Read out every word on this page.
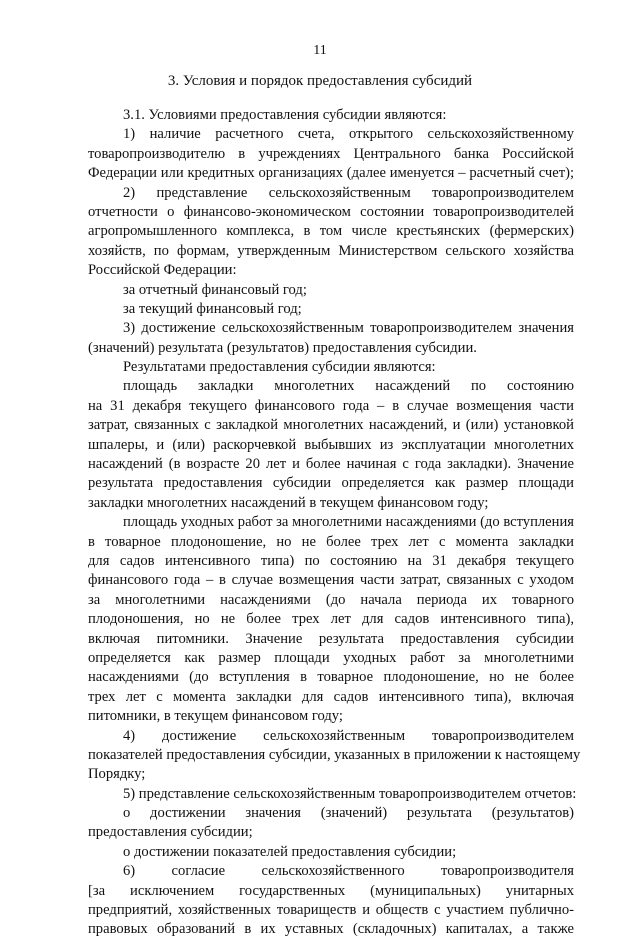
11
3. Условия и порядок предоставления субсидий
3.1. Условиями предоставления субсидии являются:
1) наличие расчетного счета, открытого сельскохозяйственному
товаропроизводителю в учреждениях Центрального банка Российской
Федерации или кредитных организациях (далее именуется – расчетный счет);
2) представление сельскохозяйственным товаропроизводителем
отчетности о финансово-экономическом состоянии товаропроизводителей
агропромышленного комплекса, в том числе крестьянских (фермерских)
хозяйств, по формам, утвержденным Министерством сельского хозяйства
Российской Федерации:
за отчетный финансовый год;
за текущий финансовый год;
3) достижение сельскохозяйственным товаропроизводителем значения
(значений) результата (результатов) предоставления субсидии.
Результатами предоставления субсидии являются:
площадь закладки многолетних насаждений по состоянию
на 31 декабря текущего финансового года – в случае возмещения части
затрат, связанных с закладкой многолетних насаждений, и (или) установкой
шпалеры, и (или) раскорчевкой выбывших из эксплуатации многолетних
насаждений (в возрасте 20 лет и более начиная с года закладки). Значение
результата предоставления субсидии определяется как размер площади
закладки многолетних насаждений в текущем финансовом году;
площадь уходных работ за многолетними насаждениями (до вступления
в товарное плодоношение, но не более трех лет с момента закладки
для садов интенсивного типа) по состоянию на 31 декабря текущего
финансового года – в случае возмещения части затрат, связанных с уходом
за многолетними насаждениями (до начала периода их товарного
плодоношения, но не более трех лет для садов интенсивного типа),
включая питомники. Значение результата предоставления субсидии
определяется как размер площади уходных работ за многолетними
насаждениями (до вступления в товарное плодоношение, но не более
трех лет с момента закладки для садов интенсивного типа), включая
питомники, в текущем финансовом году;
4) достижение сельскохозяйственным товаропроизводителем
показателей предоставления субсидии, указанных в приложении к настоящему
Порядку;
5) представление сельскохозяйственным товаропроизводителем отчетов:
о достижении значения (значений) результата (результатов)
предоставления субсидии;
о достижении показателей предоставления субсидии;
6) согласие сельскохозяйственного товаропроизводителя
[за исключением государственных (муниципальных) унитарных
предприятий, хозяйственных товариществ и обществ с участием публично-
правовых образований в их уставных (складочных) капиталах, а также
